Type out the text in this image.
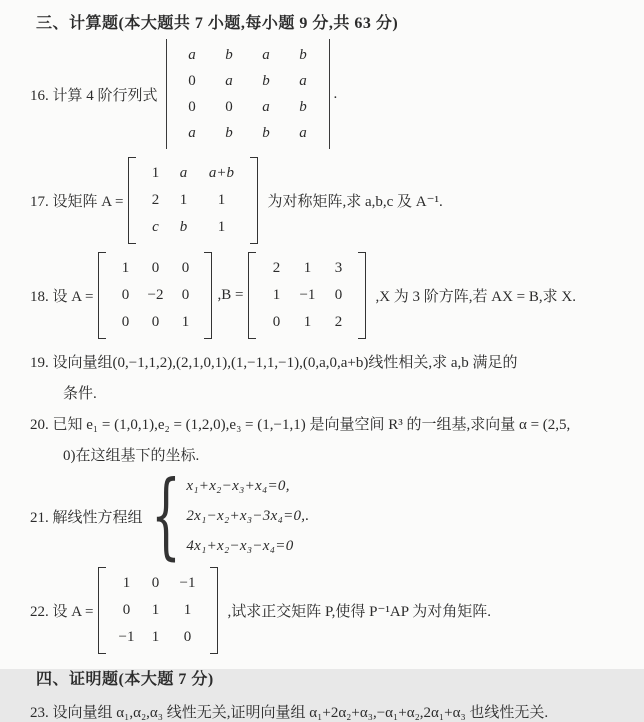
三、计算题(本大题共 7 小题,每小题 9 分,共 63 分)
16. 计算 4 阶行列式
a b a b
0 a b a
0 0 a b
a b b a
.
17. 设矩阵 A =
1 a a+b
2 1 1
c b 1
为对称矩阵,求 a,b,c 及 A⁻¹.
18. 设 A =
1 0 0
0 −2 0
0 0 1
,B =
2 1 3
1 −1 0
0 1 2
,X 为 3 阶方阵,若 AX = B,求 X.
19. 设向量组(0,−1,1,2),(2,1,0,1),(1,−1,1,−1),(0,a,0,a+b)线性相关,求 a,b 满足的
条件.
20. 已知 e₁ = (1,0,1),e₂ = (1,2,0),e₃ = (1,−1,1) 是向量空间 R³ 的一组基,求向量 α = (2,5,
0)在这组基下的坐标.
21. 解线性方程组 { x₁+x₂−x₃+x₄=0,
2x₁−x₂+x₃−3x₄=0,.
4x₁+x₂−x₃−x₄=0
22. 设 A =
1 0 −1
0 1 1
−1 1 0
,试求正交矩阵 P,使得 P⁻¹AP 为对角矩阵.
四、证明题(本大题 7 分)
23. 设向量组 α₁,α₂,α₃ 线性无关,证明向量组 α₁+2α₂+α₃,−α₁+α₂,2α₁+α₃ 也线性无关.
